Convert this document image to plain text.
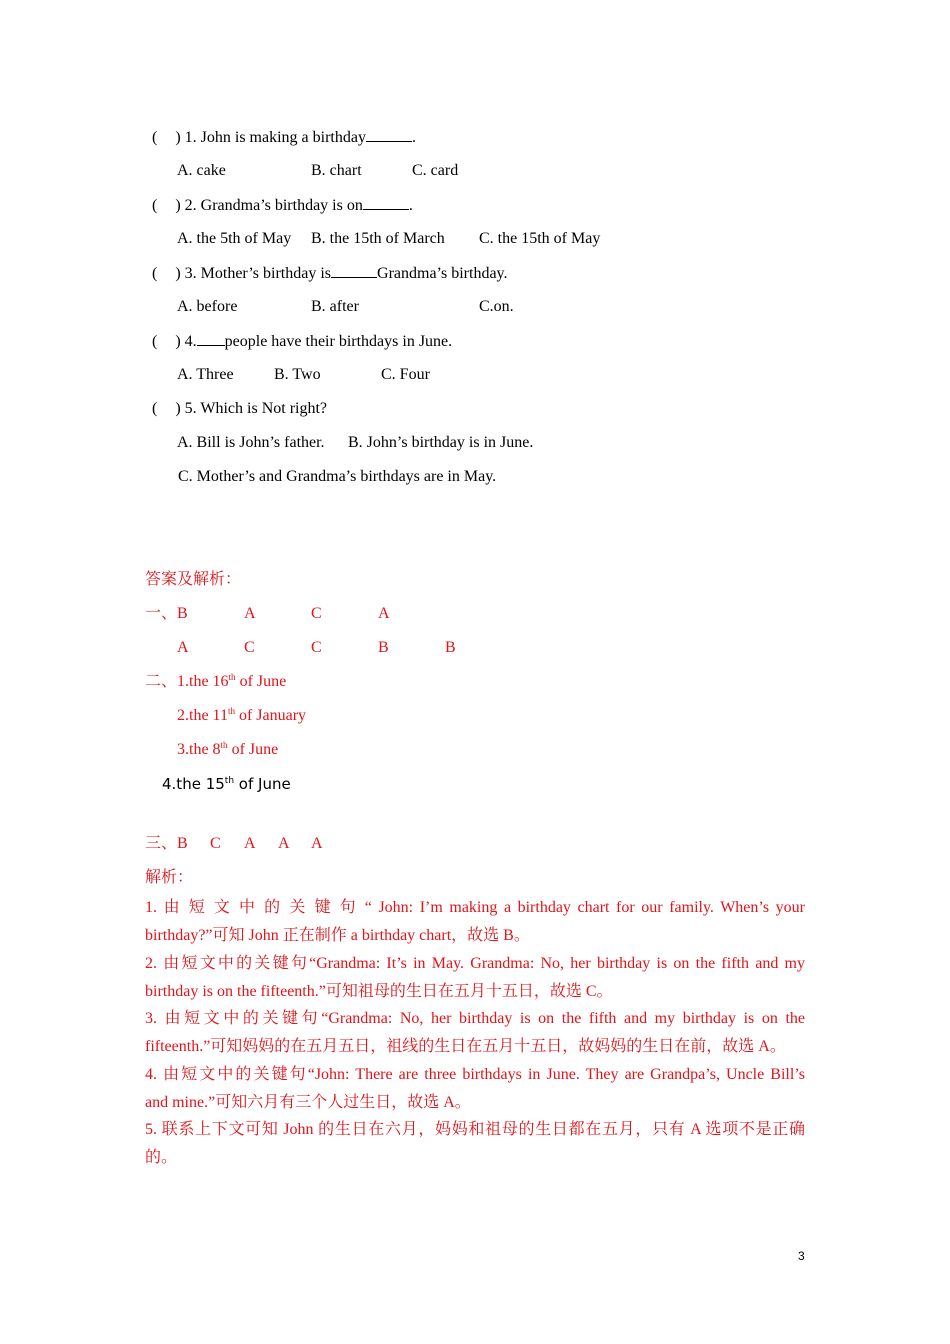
( ) 1. John is making a birthday	.
A. cake	B. chart	C. card
( ) 2. Grandma’s birthday is on	.
A. the 5th of May B. the 15th of March C. the 15th of May
( ) 3. Mother’s birthday is	Grandma’s birthday.
A. before	B. after	C.on.
( ) 4. people have their birthdays in June.
A. Three	B. Two	C. Four
( ) 5. Which is Not right?
A. Bill is John’s father. B. John’s birthday is in June.
C. Mother’s and Grandma’s birthdays are in May.
答案及解析：
一、 B	A	C	A
A	C	C	B	B
二、 1.the 16th of June
2.the 11th of January
3.the 8th of June
4.the 15th of June
三、 B C A A A
解析：
1. 由 短 文 中 的 关 键 句 “ John: I’m making a birthday chart for our family. When’s your
birthday?”可知 John 正在制作 a birthday chart，故选 B。
2. 由短文中的关键句“Grandma: It’s in May. Grandma: No, her birthday is on the fifth and my
birthday is on the fifteenth.”可知祖母的生日在五月十五日，故选 C。
3. 由短文中的关键句“Grandma: No, her birthday is on the fifth and my birthday is on the
fifteenth.”可知妈妈的在五月五日，祖线的生日在五月十五日，故妈妈的生日在前，故选 A。
4. 由短文中的关键句“John: There are three birthdays in June. They are Grandpa’s, Uncle Bill’s
and mine.”可知六月有三个人过生日，故选 A。
5. 联系上下文可知 John 的生日在六月，妈妈和祖母的生日都在五月，只有 A 选项不是正确
的。
3
